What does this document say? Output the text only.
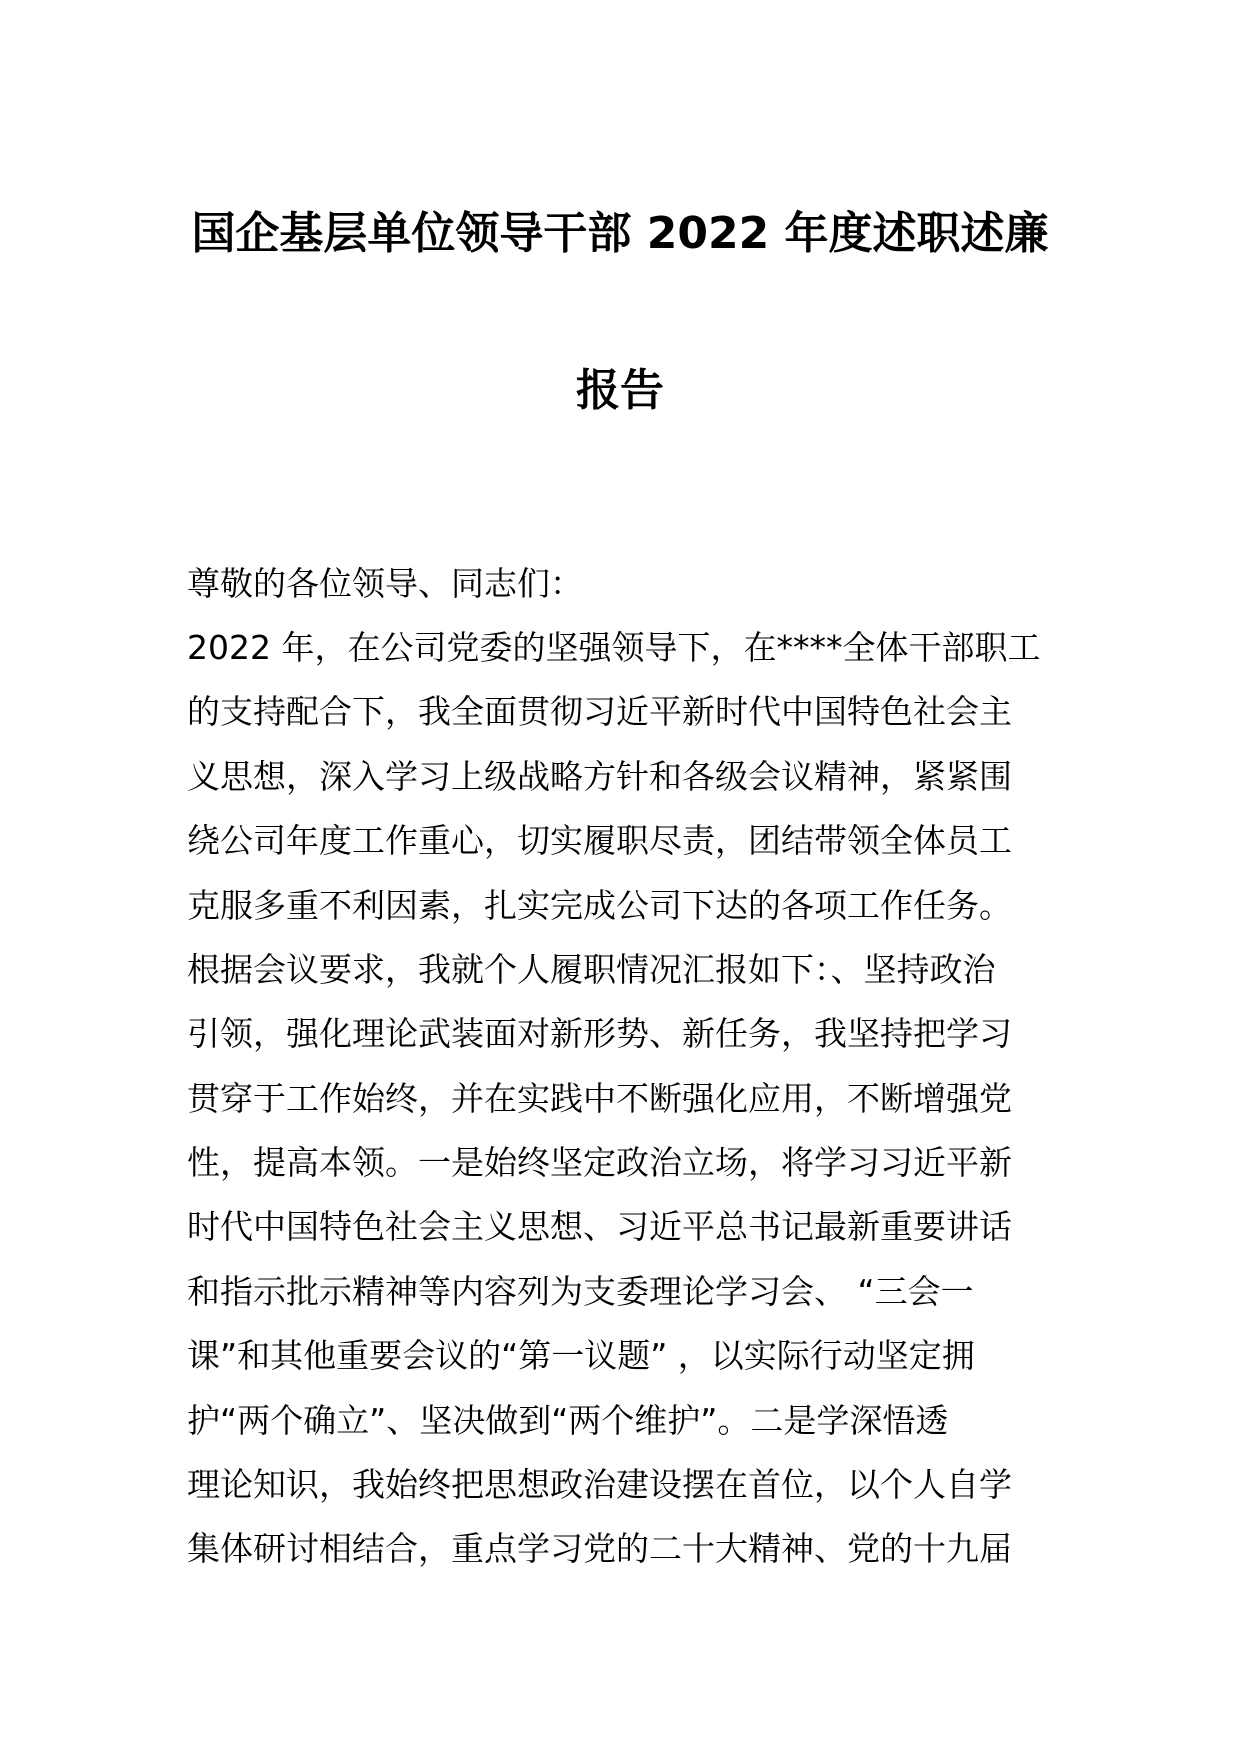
国企基层单位领导干部 2022 年度述职述廉
报告

尊敬的各位领导、同志们：

2022 年，在公司党委的坚强领导下，在****全体干部职工

的支持配合下，我全面贯彻习近平新时代中国特色社会主

义思想，深入学习上级战略方针和各级会议精神，紧紧围

绕公司年度工作重心，切实履职尽责，团结带领全体员工

克服多重不利因素，扎实完成公司下达的各项工作任务。

根据会议要求，我就个人履职情况汇报如下：、坚持政治

引领，强化理论武装面对新形势、新任务，我坚持把学习

贯穿于工作始终，并在实践中不断强化应用，不断增强党

性，提高本领。一是始终坚定政治立场，将学习习近平新

时代中国特色社会主义思想、习近平总书记最新重要讲话

和指示批示精神等内容列为支委理论学习会、 “三会一

课”和其他重要会议的“第一议题” ，以实际行动坚定拥

护“两个确立”、坚决做到“两个维护”。二是学深悟透

理论知识，我始终把思想政治建设摆在首位，以个人自学

集体研讨相结合，重点学习党的二十大精神、党的十九届
